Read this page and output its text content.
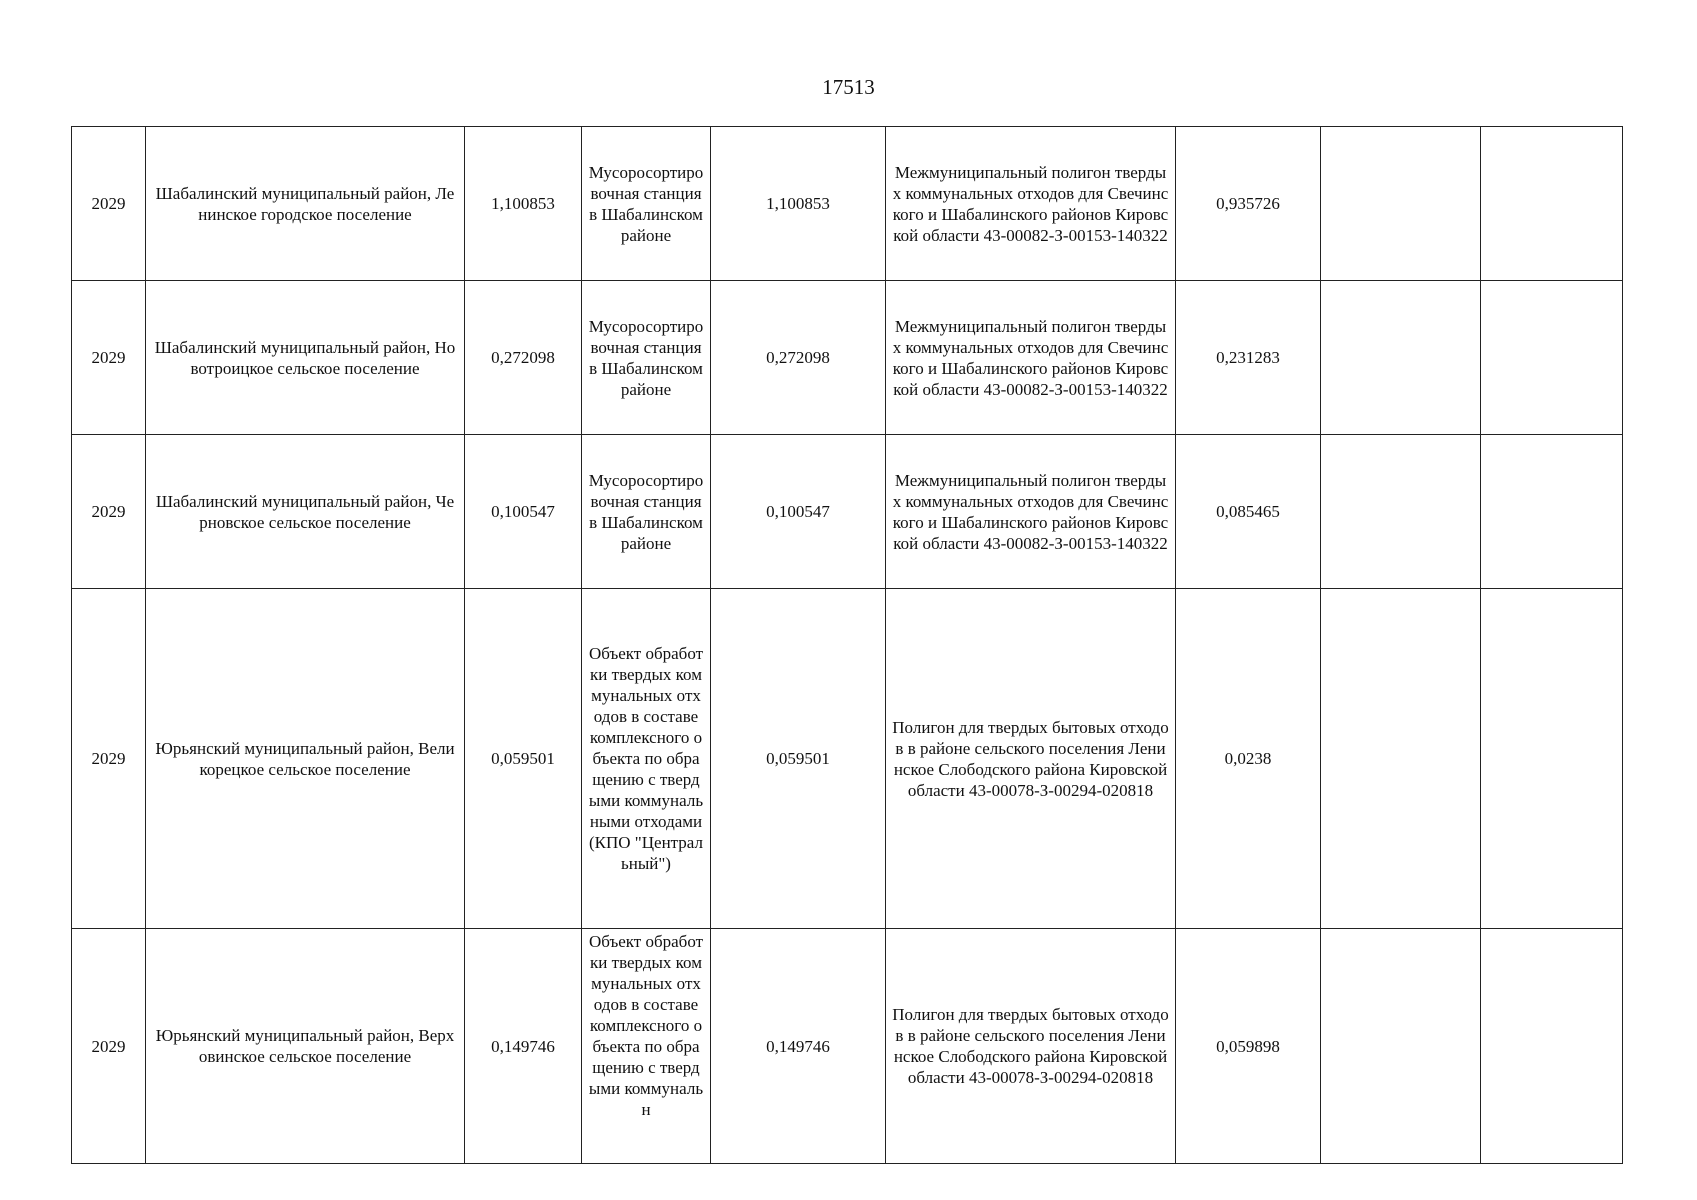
17513
2029	Шабалинский муниципальный район, Ленинское городское поселение	1,100853	Мусоросортировочная станция в Шабалинском районе	1,100853	Межмуниципальный полигон твердых коммунальных отходов для Свечинского и Шабалинского районов Кировской области 43-00082-З-00153-140322	0,935726		
2029	Шабалинский муниципальный район, Новотроицкое сельское поселение	0,272098	Мусоросортировочная станция в Шабалинском районе	0,272098	Межмуниципальный полигон твердых коммунальных отходов для Свечинского и Шабалинского районов Кировской области 43-00082-З-00153-140322	0,231283		
2029	Шабалинский муниципальный район, Черновское сельское поселение	0,100547	Мусоросортировочная станция в Шабалинском районе	0,100547	Межмуниципальный полигон твердых коммунальных отходов для Свечинского и Шабалинского районов Кировской области 43-00082-З-00153-140322	0,085465		
2029	Юрьянский муниципальный район, Великорецкое сельское поселение	0,059501	Объект обработки твердых коммунальных отходов в составе комплексного объекта по обращению с твердыми коммунальными отходами (КПО "Центральный")	0,059501	Полигон для твердых бытовых отходов в районе сельского поселения Ленинское Слободского района Кировской области 43-00078-З-00294-020818	0,0238		
2029	Юрьянский муниципальный район, Верховинское сельское поселение	0,149746	Объект обработки твердых коммунальных отходов в составе комплексного объекта по обращению с твердыми коммунальн	0,149746	Полигон для твердых бытовых отходов в районе сельского поселения Ленинское Слободского района Кировской области 43-00078-З-00294-020818	0,059898		
